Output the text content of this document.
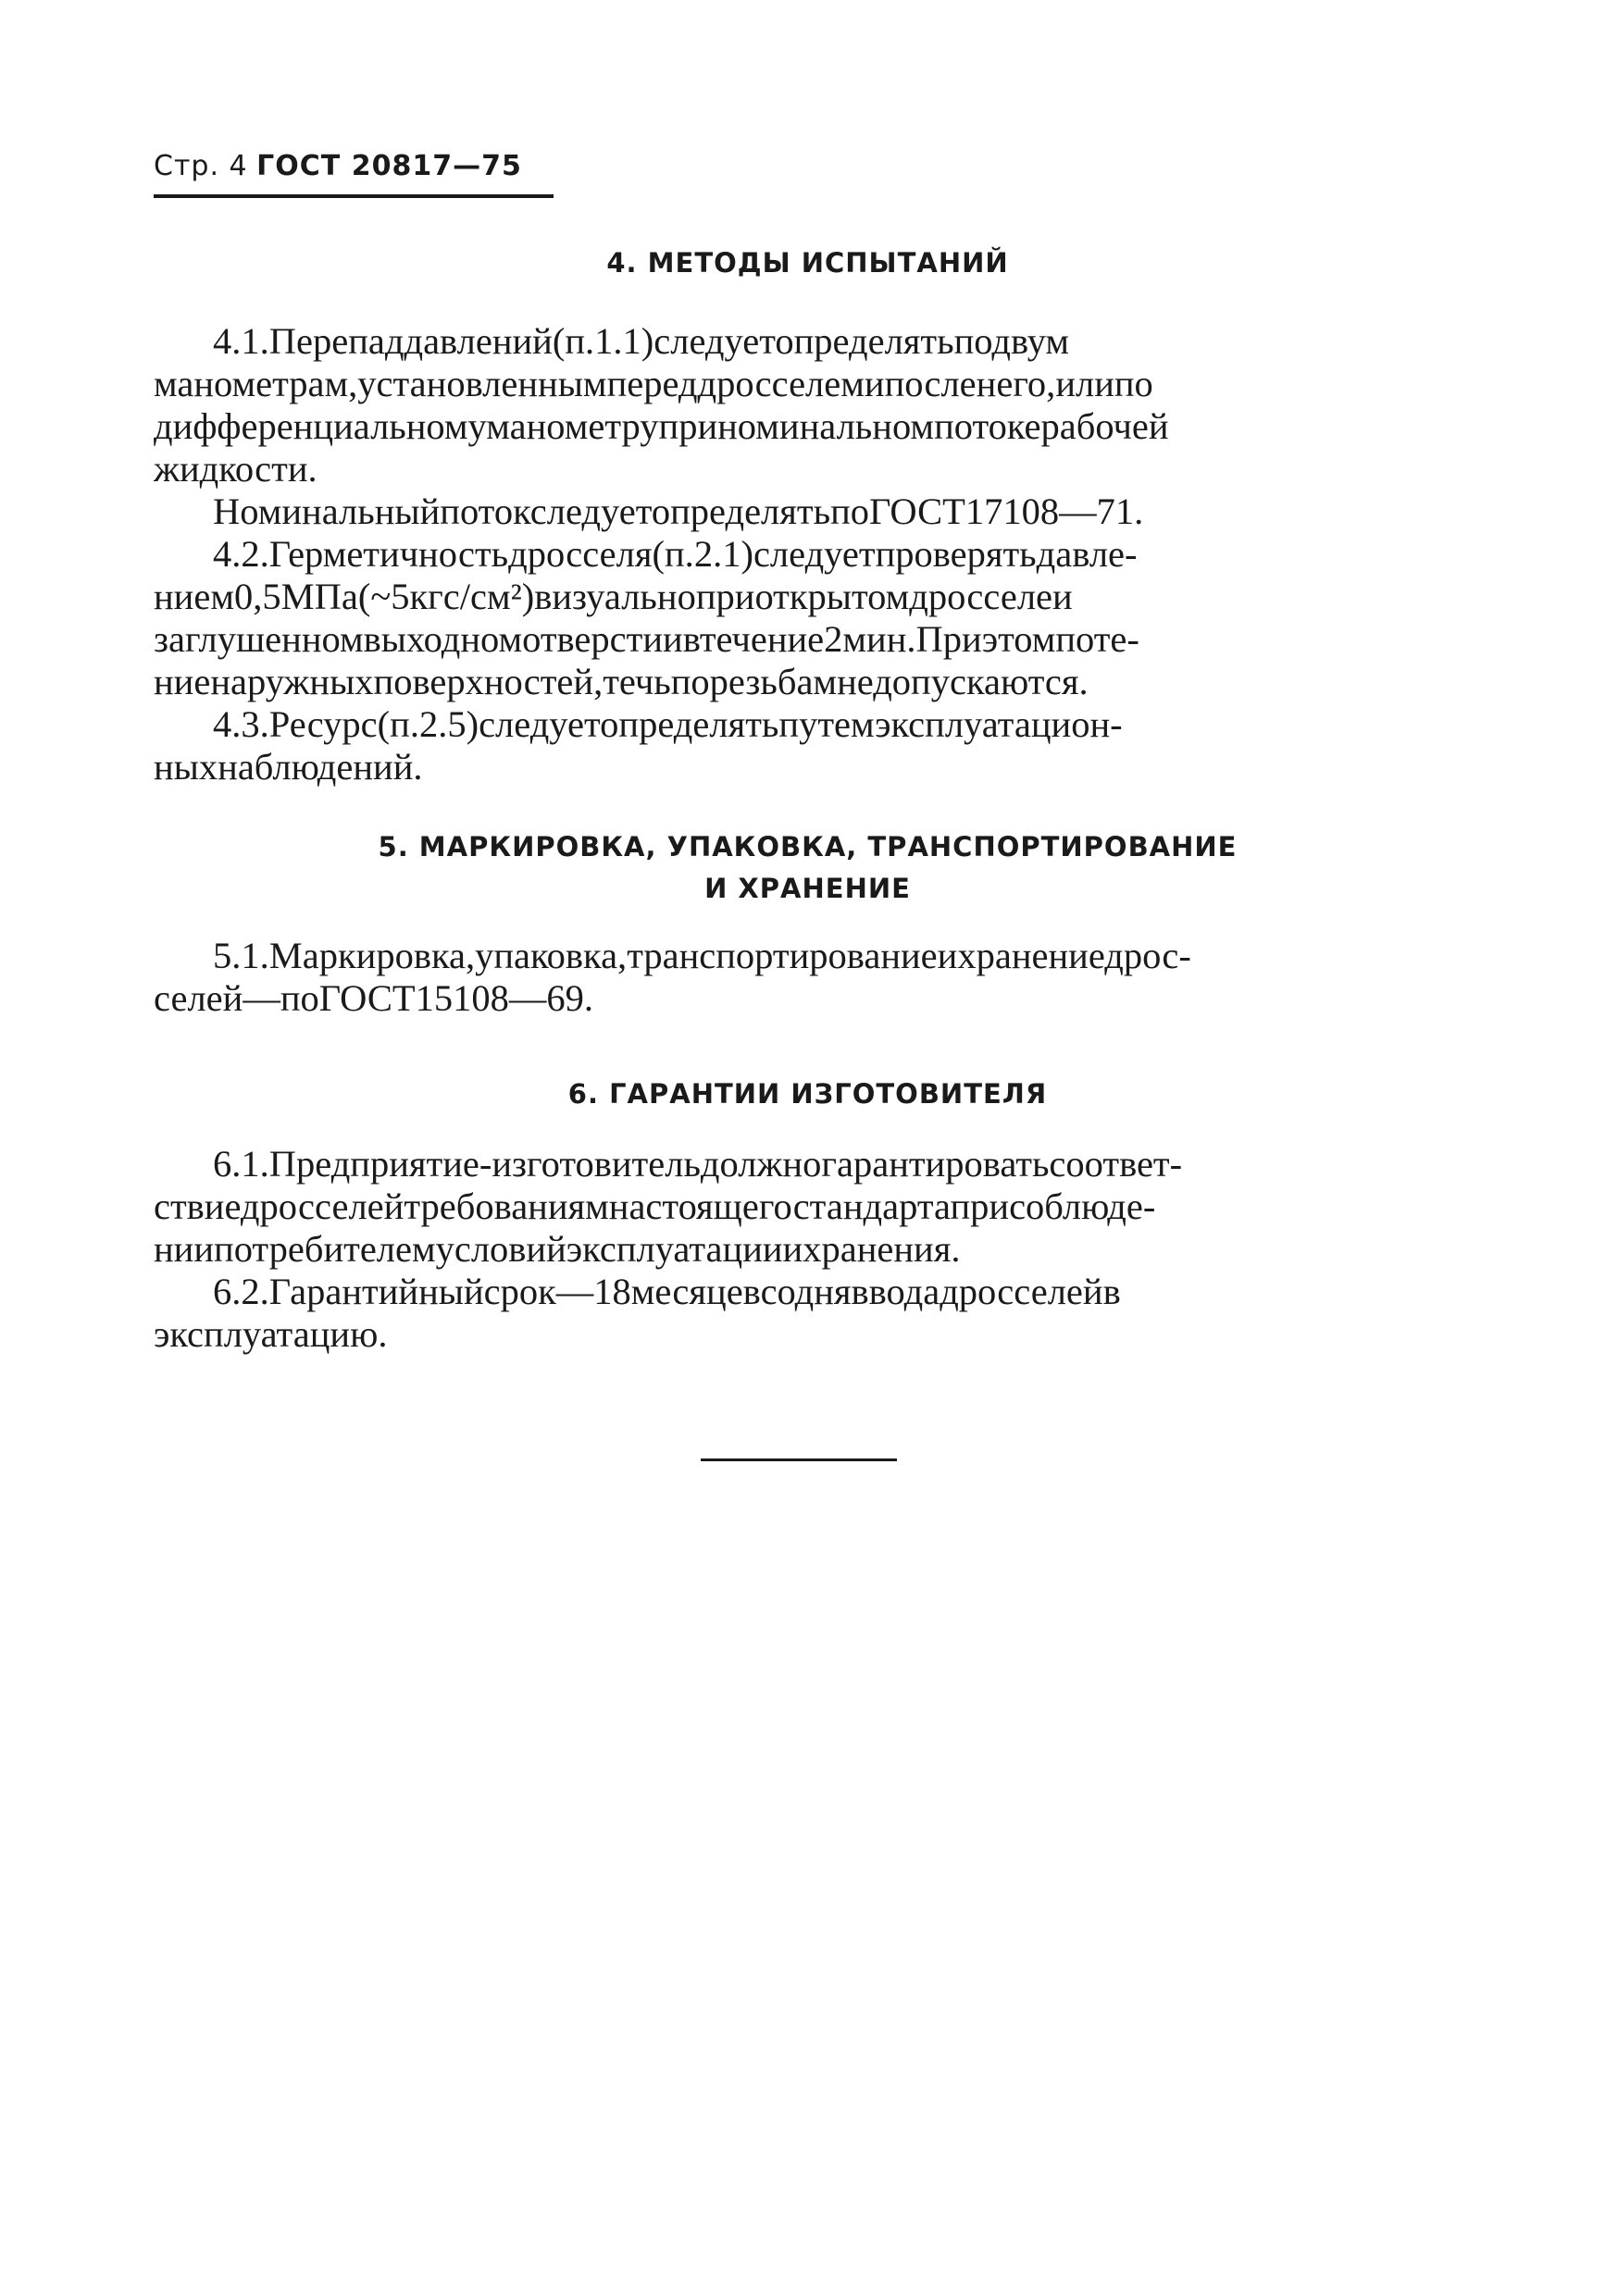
Стр. 4 ГОСТ 20817—75
4. МЕТОДЫ ИСПЫТАНИЙ
4.1.Перепаддавлений(п.1.1)следуетопределятьподвум
манометрам,установленнымпереддросселемипосленего,илипо
дифференциальномуманометруприноминальномпотокерабочей
жидкости.
НоминальныйпотокследуетопределятьпоГОСТ17108—71.
4.2.Герметичностьдросселя(п.2.1)следуетпроверятьдавле-
нием0,5МПа(~5кгс/см²)визуальноприоткрытомдросселеи
заглушенномвыходномотверстиивтечение2мин.Приэтомпоте-
ниенаружныхповерхностей,течьпорезьбамнедопускаются.
4.3.Ресурс(п.2.5)следуетопределятьпутемэксплуатацион-
ныхнаблюдений.
5. МАРКИРОВКА, УПАКОВКА, ТРАНСПОРТИРОВАНИЕ
И ХРАНЕНИЕ
5.1.Маркировка,упаковка,транспортированиеихранениедрос-
селей—поГОСТ15108—69.
6. ГАРАНТИИ ИЗГОТОВИТЕЛЯ
6.1.Предприятие-изготовительдолжногарантироватьсоответ-
ствиедросселейтребованиямнастоящегостандартаприсоблюде-
ниипотребителемусловийэксплуатацииихранения.
6.2.Гарантийныйсрок—18месяцевсоднявводадросселейв
эксплуатацию.
